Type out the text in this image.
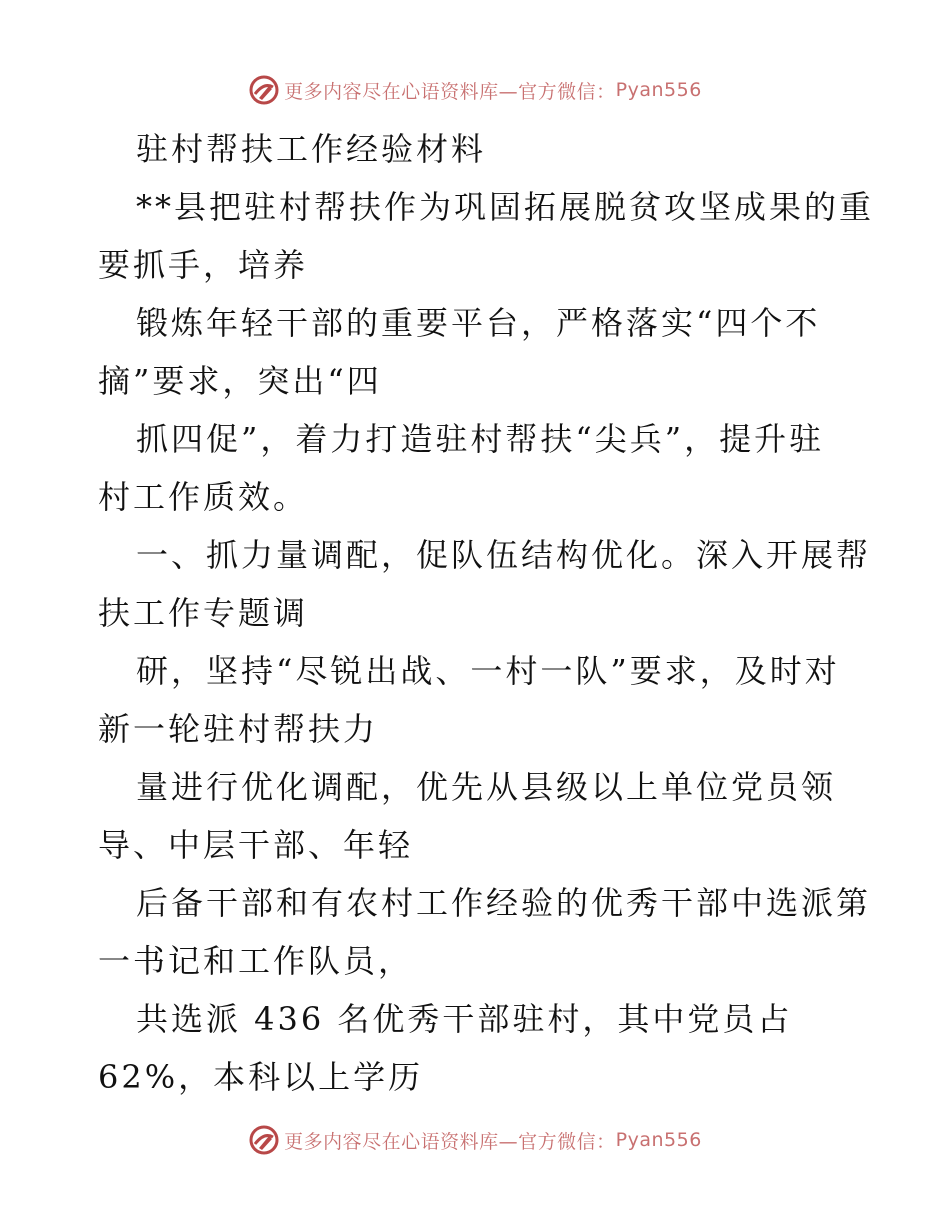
更多内容尽在心语资料库—官方微信： Pyan556
驻村帮扶工作经验材料
**县把驻村帮扶作为巩固拓展脱贫攻坚成果的重
要抓手，培养
锻炼年轻干部的重要平台，严格落实“四个不
摘”要求，突出“四
抓四促”，着力打造驻村帮扶“尖兵”，提升驻
村工作质效。
一、抓力量调配，促队伍结构优化。深入开展帮
扶工作专题调
研，坚持“尽锐出战、一村一队”要求，及时对
新一轮驻村帮扶力
量进行优化调配，优先从县级以上单位党员领
导、中层干部、年轻
后备干部和有农村工作经验的优秀干部中选派第
一书记和工作队员，
共选派 436 名优秀干部驻村，其中党员占
62%，本科以上学历
更多内容尽在心语资料库—官方微信： Pyan556
